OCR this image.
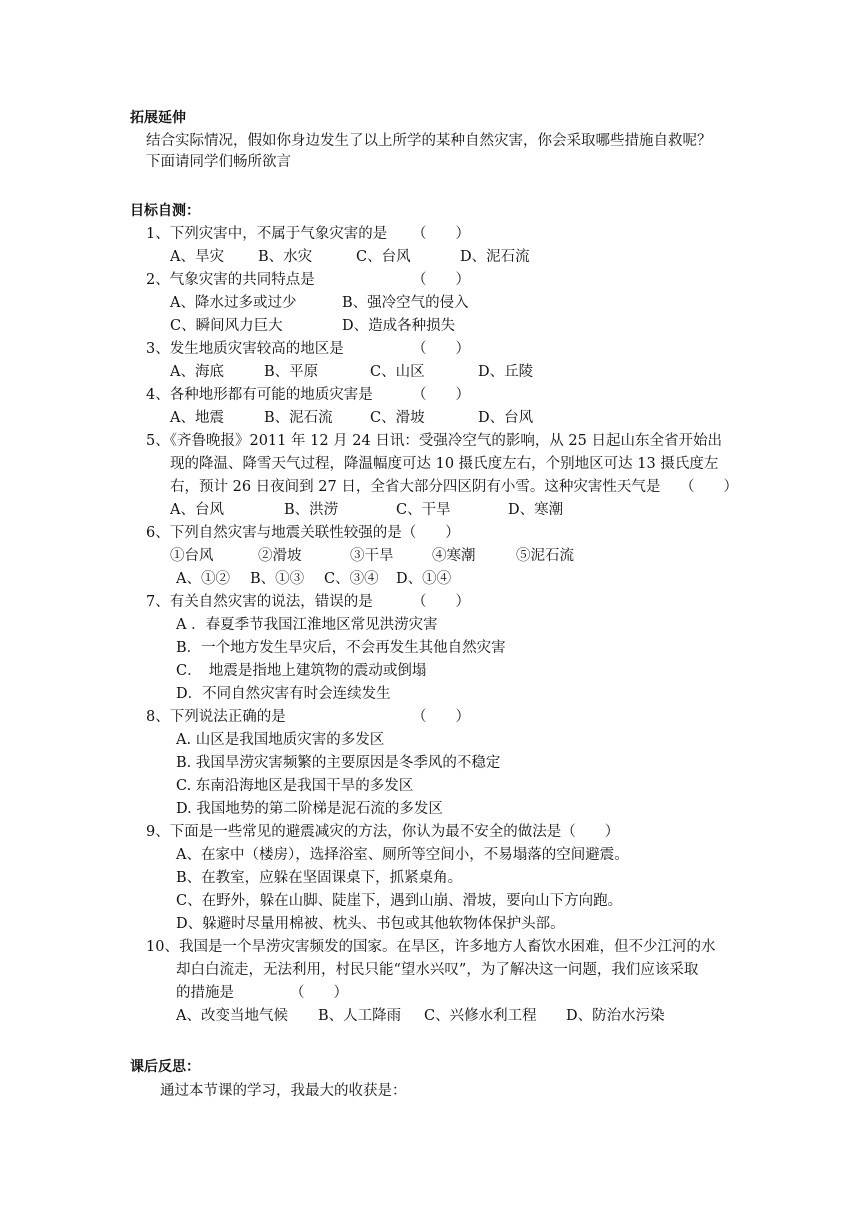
拓展延伸
结合实际情况，假如你身边发生了以上所学的某种自然灾害，你会采取哪些措施自救呢？
下面请同学们畅所欲言
目标自测：
1、下列灾害中，不属于气象灾害的是 （　　）
A、旱灾 B、水灾	C、台风	D、泥石流
2、气象灾害的共同特点是	（　　）
A、降水过多或过少	B、强冷空气的侵入
C、瞬间风力巨大	D、造成各种损失
3、发生地质灾害较高的地区是	（　　）
A、海底	B、平原	C、山区	D、丘陵
4、各种地形都有可能的地质灾害是	（　　）
A、地震	B、泥石流	C、滑坡	D、台风
5、《齐鲁晚报》2011 年 12 月 24 日讯：受强冷空气的影响，从 25 日起山东全省开始出
现的降温、降雪天气过程，降温幅度可达 10 摄氏度左右，个别地区可达 13 摄氏度左
右，预计 26 日夜间到 27 日，全省大部分四区阴有小雪。这种灾害性天气是 （　　）
A、台风	B、洪涝	C、干旱	D、寒潮
6、下列自然灾害与地震关联性较强的是（　　）
①台风	②滑坡	③干旱	④寒潮	⑤泥石流
A、①② B、①③ C、③④ D、①④
7、有关自然灾害的说法，错误的是	（　　）
A ．春夏季节我国江淮地区常见洪涝灾害
B．一个地方发生旱灾后，不会再发生其他自然灾害
C．　地震是指地上建筑物的震动或倒塌
D．不同自然灾害有时会连续发生
8、下列说法正确的是	（　　）
A. 山区是我国地质灾害的多发区
B. 我国旱涝灾害频繁的主要原因是冬季风的不稳定
C. 东南沿海地区是我国干旱的多发区
D. 我国地势的第二阶梯是泥石流的多发区
9、下面是一些常见的避震减灾的方法，你认为最不安全的做法是（　　）
A、在家中（楼房），选择浴室、厕所等空间小，不易塌落的空间避震。
B、在教室，应躲在坚固课桌下，抓紧桌角。
C、在野外，躲在山脚、陡崖下，遇到山崩、滑坡，要向山下方向跑。
D、躲避时尽量用棉被、枕头、书包或其他软物体保护头部。
10、我国是一个旱涝灾害频发的国家。在旱区，许多地方人畜饮水困难，但不少江河的水
却白白流走，无法利用，村民只能“望水兴叹”，为了解决这一问题，我们应该采取
的措施是	（　　）
A、改变当地气候 B、人工降雨 C、兴修水利工程 D、防治水污染
课后反思：
通过本节课的学习，我最大的收获是：
